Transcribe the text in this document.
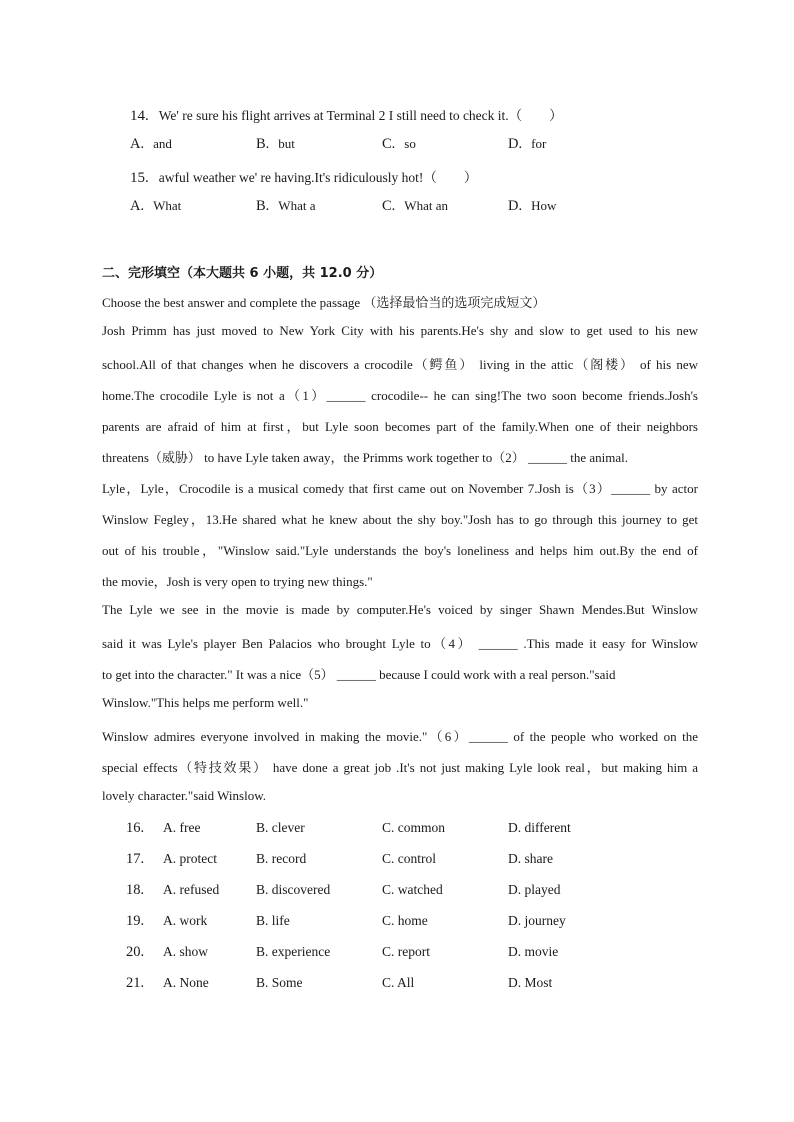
14. We' re sure his flight arrives at Terminal 2 I still need to check it.（　　）
A. and	B. but	C. so	D. for
15. awful weather we' re having.It's ridiculously hot!（　　）
A. What	B. What a	C. What an	D. How
二、完形填空（本大题共 6 小题，共 12.0 分）
Choose the best answer and complete the passage （选择最恰当的选项完成短文）
Josh Primm has just moved to New York City with his parents.He's shy and slow to get used to his new
school.All of that changes when he discovers a crocodile（鳄鱼） living in the attic（阁楼） of his new
home.The crocodile Lyle is not a（1）______ crocodile-- he can sing!The two soon become friends.Josh's
parents are afraid of him at first，but Lyle soon becomes part of the family.When one of their neighbors
threatens（威胁） to have Lyle taken away，the Primms work together to（2） ______ the animal.
Lyle，Lyle，Crocodile is a musical comedy that first came out on November 7.Josh is（3）______ by actor
Winslow Fegley，13.He shared what he knew about the shy boy."Josh has to go through this journey to get
out of his trouble，"Winslow said."Lyle understands the boy's loneliness and helps him out.By the end of
the movie，Josh is very open to trying new things."
The Lyle we see in the movie is made by computer.He's voiced by singer Shawn Mendes.But Winslow
said it was Lyle's player Ben Palacios who brought Lyle to（4） ______ .This made it easy for Winslow
to get into the character." It was a nice（5） ______ because I could work with a real person."said
Winslow."This helps me perform well."
Winslow admires everyone involved in making the movie."（6）______ of the people who worked on the
special effects（特技效果） have done a great job .It's not just making Lyle look real，but making him a
lovely character."said Winslow.
16. A. free	B. clever	C. common	D. different
17. A. protect	B. record	C. control	D. share
18. A. refused	B. discovered	C. watched	D. played
19. A. work	B. life	C. home	D. journey
20. A. show	B. experience	C. report	D. movie
21. A. None	B. Some	C. All	D. Most
